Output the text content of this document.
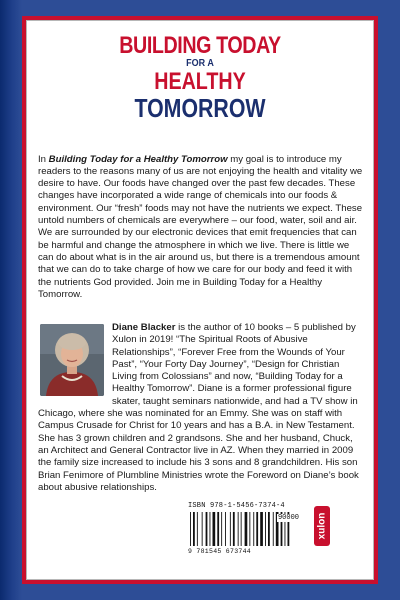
BUILDING TODAY
FOR A
HEALTHY
TOMORROW

In Building Today for a Healthy Tomorrow my goal is to introduce my readers to the reasons many of us are not enjoying the health and vitality we desire to have. Our foods have changed over the past few decades. These changes have incorporated a wide range of chemicals into our foods & environment. Our “fresh” foods may not have the nutrients we expect. These untold numbers of chemicals are everywhere – our food, water, soil and air. We are surrounded by our electronic devices that emit frequencies that can be harmful and change the atmosphere in which we live. There is little we can do about what is in the air around us, but there is a tremendous amount that we can do to take charge of how we care for our body and feed it with the nutrients God provided. Join me in Building Today for a Healthy Tomorrow.

Diane Blacker is the author of 10 books – 5 published by Xulon in 2019! “The Spiritual Roots of Abusive Relationships”, “Forever Free from the Wounds of Your Past”, “Your Forty Day Journey”, “Design for Christian Living from Colossians” and now, “Building Today for a Healthy Tomorrow”. Diane is a former professional figure skater, taught seminars nationwide, and had a TV show in Chicago, where she was nominated for an Emmy. She was on staff with Campus Crusade for Christ for 10 years and has a B.A. in New Testament. She has 3 grown children and 2 grandsons. She and her husband, Chuck, an Architect and General Contractor live in AZ. When they married in 2009 the family size increased to include his 3 sons and 8 grandchildren. His son Brian Fenimore of Plumbline Ministries wrote the Foreword on Diane’s book about abusive relationships.
ISBN 978-1-5456-7374-4
90000
9 781545 673744
xulon
